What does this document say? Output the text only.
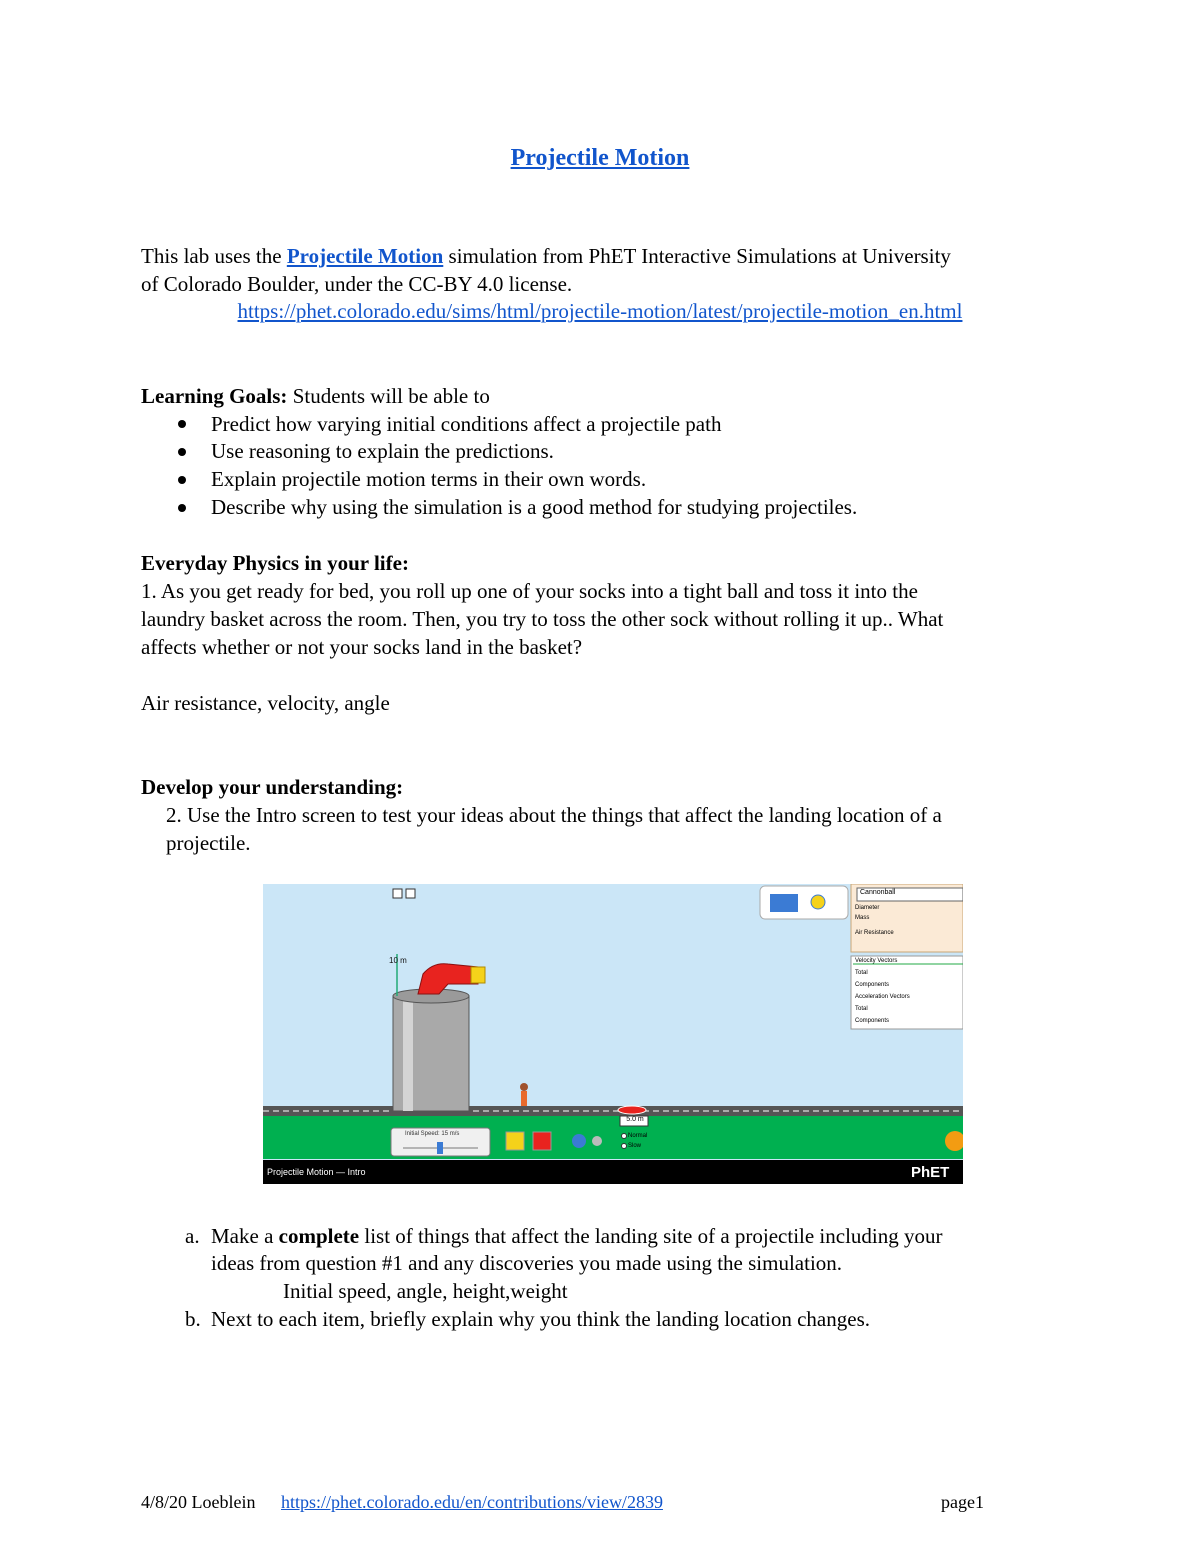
Projectile Motion
This lab uses the Projectile Motion simulation from PhET Interactive Simulations at University
of Colorado Boulder, under the CC-BY 4.0 license.
https://phet.colorado.edu/sims/html/projectile-motion/latest/projectile-motion_en.html
Learning Goals: Students will be able to
Predict how varying initial conditions affect a projectile path
Use reasoning to explain the predictions.
Explain projectile motion terms in their own words.
Describe why using the simulation is a good method for studying projectiles.
Everyday Physics in your life:
1. As you get ready for bed, you roll up one of your socks into a tight ball and toss it into the
laundry basket across the room. Then, you try to toss the other sock without rolling it up.. What
affects whether or not your socks land in the basket?
Air resistance, velocity, angle
Develop your understanding:
2. Use the Intro screen to test your ideas about the things that affect the landing location of a
projectile.
10 m
5.0 m
Initial Speed: 15 m/s	Normal
Slow
Cannonball
Diameter
Mass
Air Resistance
Velocity Vectors
Total
Components
Acceleration Vectors
Total
Components
Projectile Motion — Intro	PhET
a. Make a complete list of things that affect the landing site of a projectile including your
ideas from question #1 and any discoveries you made using the simulation.
Initial speed, angle, height,weight
b. Next to each item, briefly explain why you think the landing location changes.
4/8/20 Loeblein https://phet.colorado.edu/en/contributions/view/2839	page1
